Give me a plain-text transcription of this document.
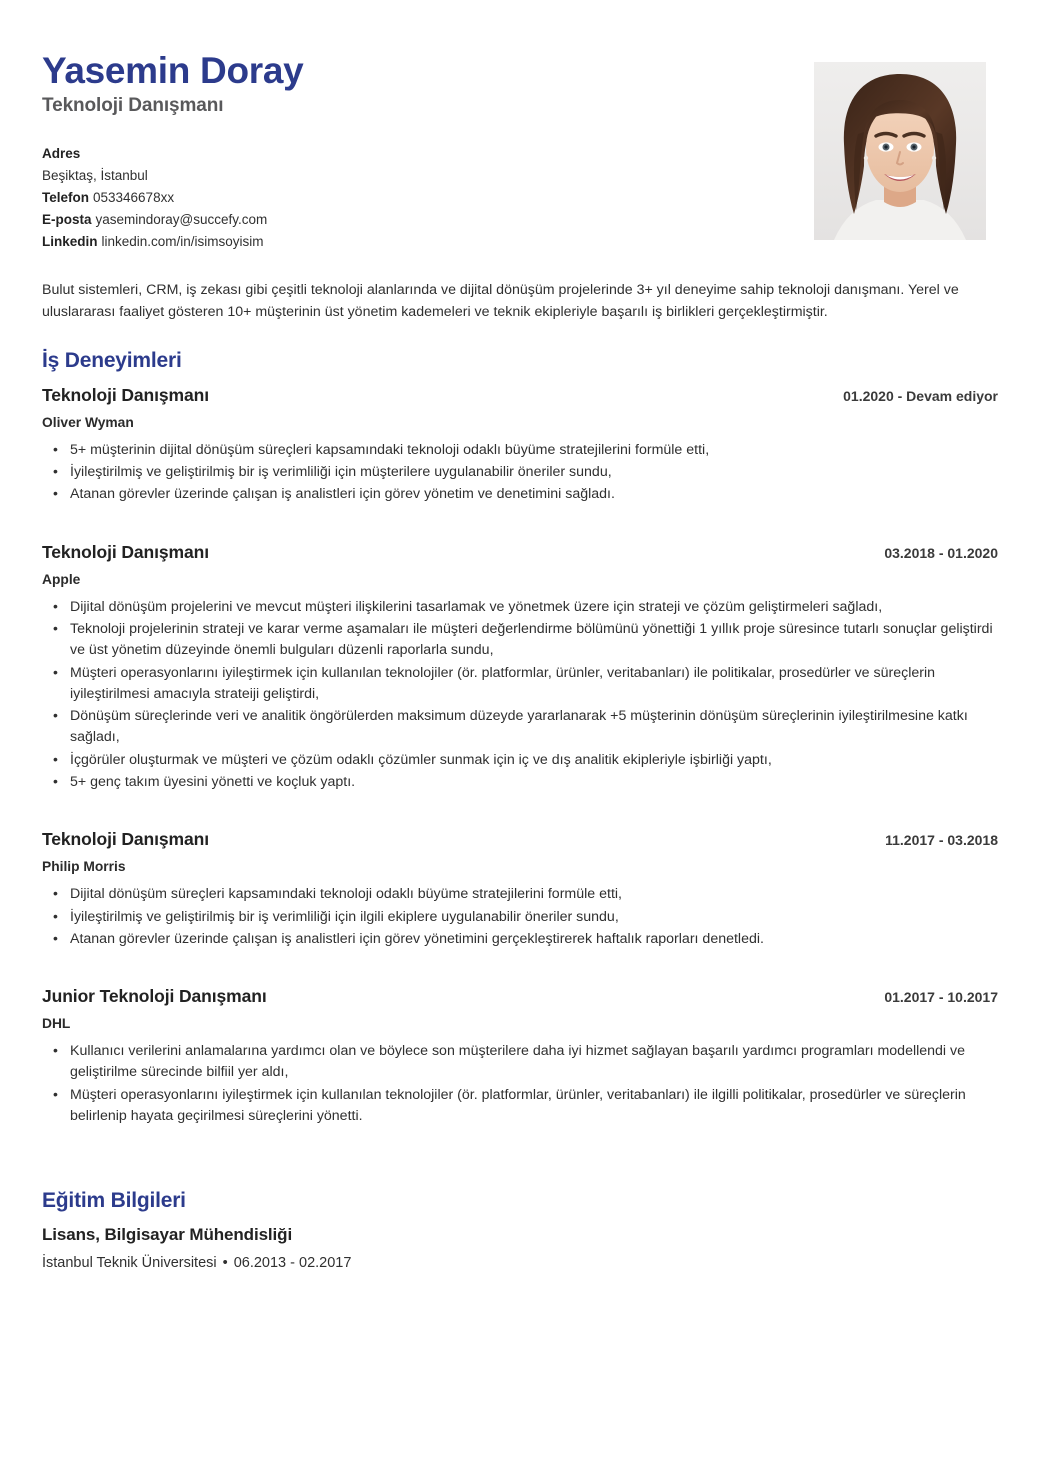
Yasemin Doray
Teknoloji Danışmanı
Adres
Beşiktaş, İstanbul
Telefon 053346678xx
E-posta yasemindoray@succefy.com
Linkedin linkedin.com/in/isimsoyisim

Bulut sistemleri, CRM, iş zekası gibi çeşitli teknoloji alanlarında ve dijital dönüşüm projelerinde 3+ yıl deneyime sahip teknoloji danışmanı. Yerel ve uluslararası faaliyet gösteren 10+ müşterinin üst yönetim kademeleri ve teknik ekipleriyle başarılı iş birlikleri gerçekleştirmiştir.

İş Deneyimleri
Teknoloji Danışmanı	01.2020 - Devam ediyor
Oliver Wyman
• 5+ müşterinin dijital dönüşüm süreçleri kapsamındaki teknoloji odaklı büyüme stratejilerini formüle etti,
• İyileştirilmiş ve geliştirilmiş bir iş verimliliği için müşterilere uygulanabilir öneriler sundu,
• Atanan görevler üzerinde çalışan iş analistleri için görev yönetim ve denetimini sağladı.
Teknoloji Danışmanı	03.2018 - 01.2020
Apple
• Dijital dönüşüm projelerini ve mevcut müşteri ilişkilerini tasarlamak ve yönetmek üzere için strateji ve çözüm geliştirmeleri sağladı,
• Teknoloji projelerinin strateji ve karar verme aşamaları ile müşteri değerlendirme bölümünü yönettiği 1 yıllık proje süresince tutarlı sonuçlar geliştirdi ve üst yönetim düzeyinde önemli bulguları düzenli raporlarla sundu,
• Müşteri operasyonlarını iyileştirmek için kullanılan teknolojiler (ör. platformlar, ürünler, veritabanları) ile politikalar, prosedürler ve süreçlerin iyileştirilmesi amacıyla strateiji geliştirdi,
• Dönüşüm süreçlerinde veri ve analitik öngörülerden maksimum düzeyde yararlanarak +5 müşterinin dönüşüm süreçlerinin iyileştirilmesine katkı sağladı,
• İçgörüler oluşturmak ve müşteri ve çözüm odaklı çözümler sunmak için iç ve dış analitik ekipleriyle işbirliği yaptı,
• 5+ genç takım üyesini yönetti ve koçluk yaptı.
Teknoloji Danışmanı	11.2017 - 03.2018
Philip Morris
• Dijital dönüşüm süreçleri kapsamındaki teknoloji odaklı büyüme stratejilerini formüle etti,
• İyileştirilmiş ve geliştirilmiş bir iş verimliliği için ilgili ekiplere uygulanabilir öneriler sundu,
• Atanan görevler üzerinde çalışan iş analistleri için görev yönetimini gerçekleştirerek haftalık raporları denetledi.
Junior Teknoloji Danışmanı	01.2017 - 10.2017
DHL
• Kullanıcı verilerini anlamalarına yardımcı olan ve böylece son müşterilere daha iyi hizmet sağlayan başarılı yardımcı programları modellendi ve geliştirilme sürecinde bilfiil yer aldı,
• Müşteri operasyonlarını iyileştirmek için kullanılan teknolojiler (ör. platformlar, ürünler, veritabanları) ile ilgilli politikalar, prosedürler ve süreçlerin belirlenip hayata geçirilmesi süreçlerini yönetti.
Eğitim Bilgileri
Lisans, Bilgisayar Mühendisliği
İstanbul Teknik Üniversitesi • 06.2013 - 02.2017
